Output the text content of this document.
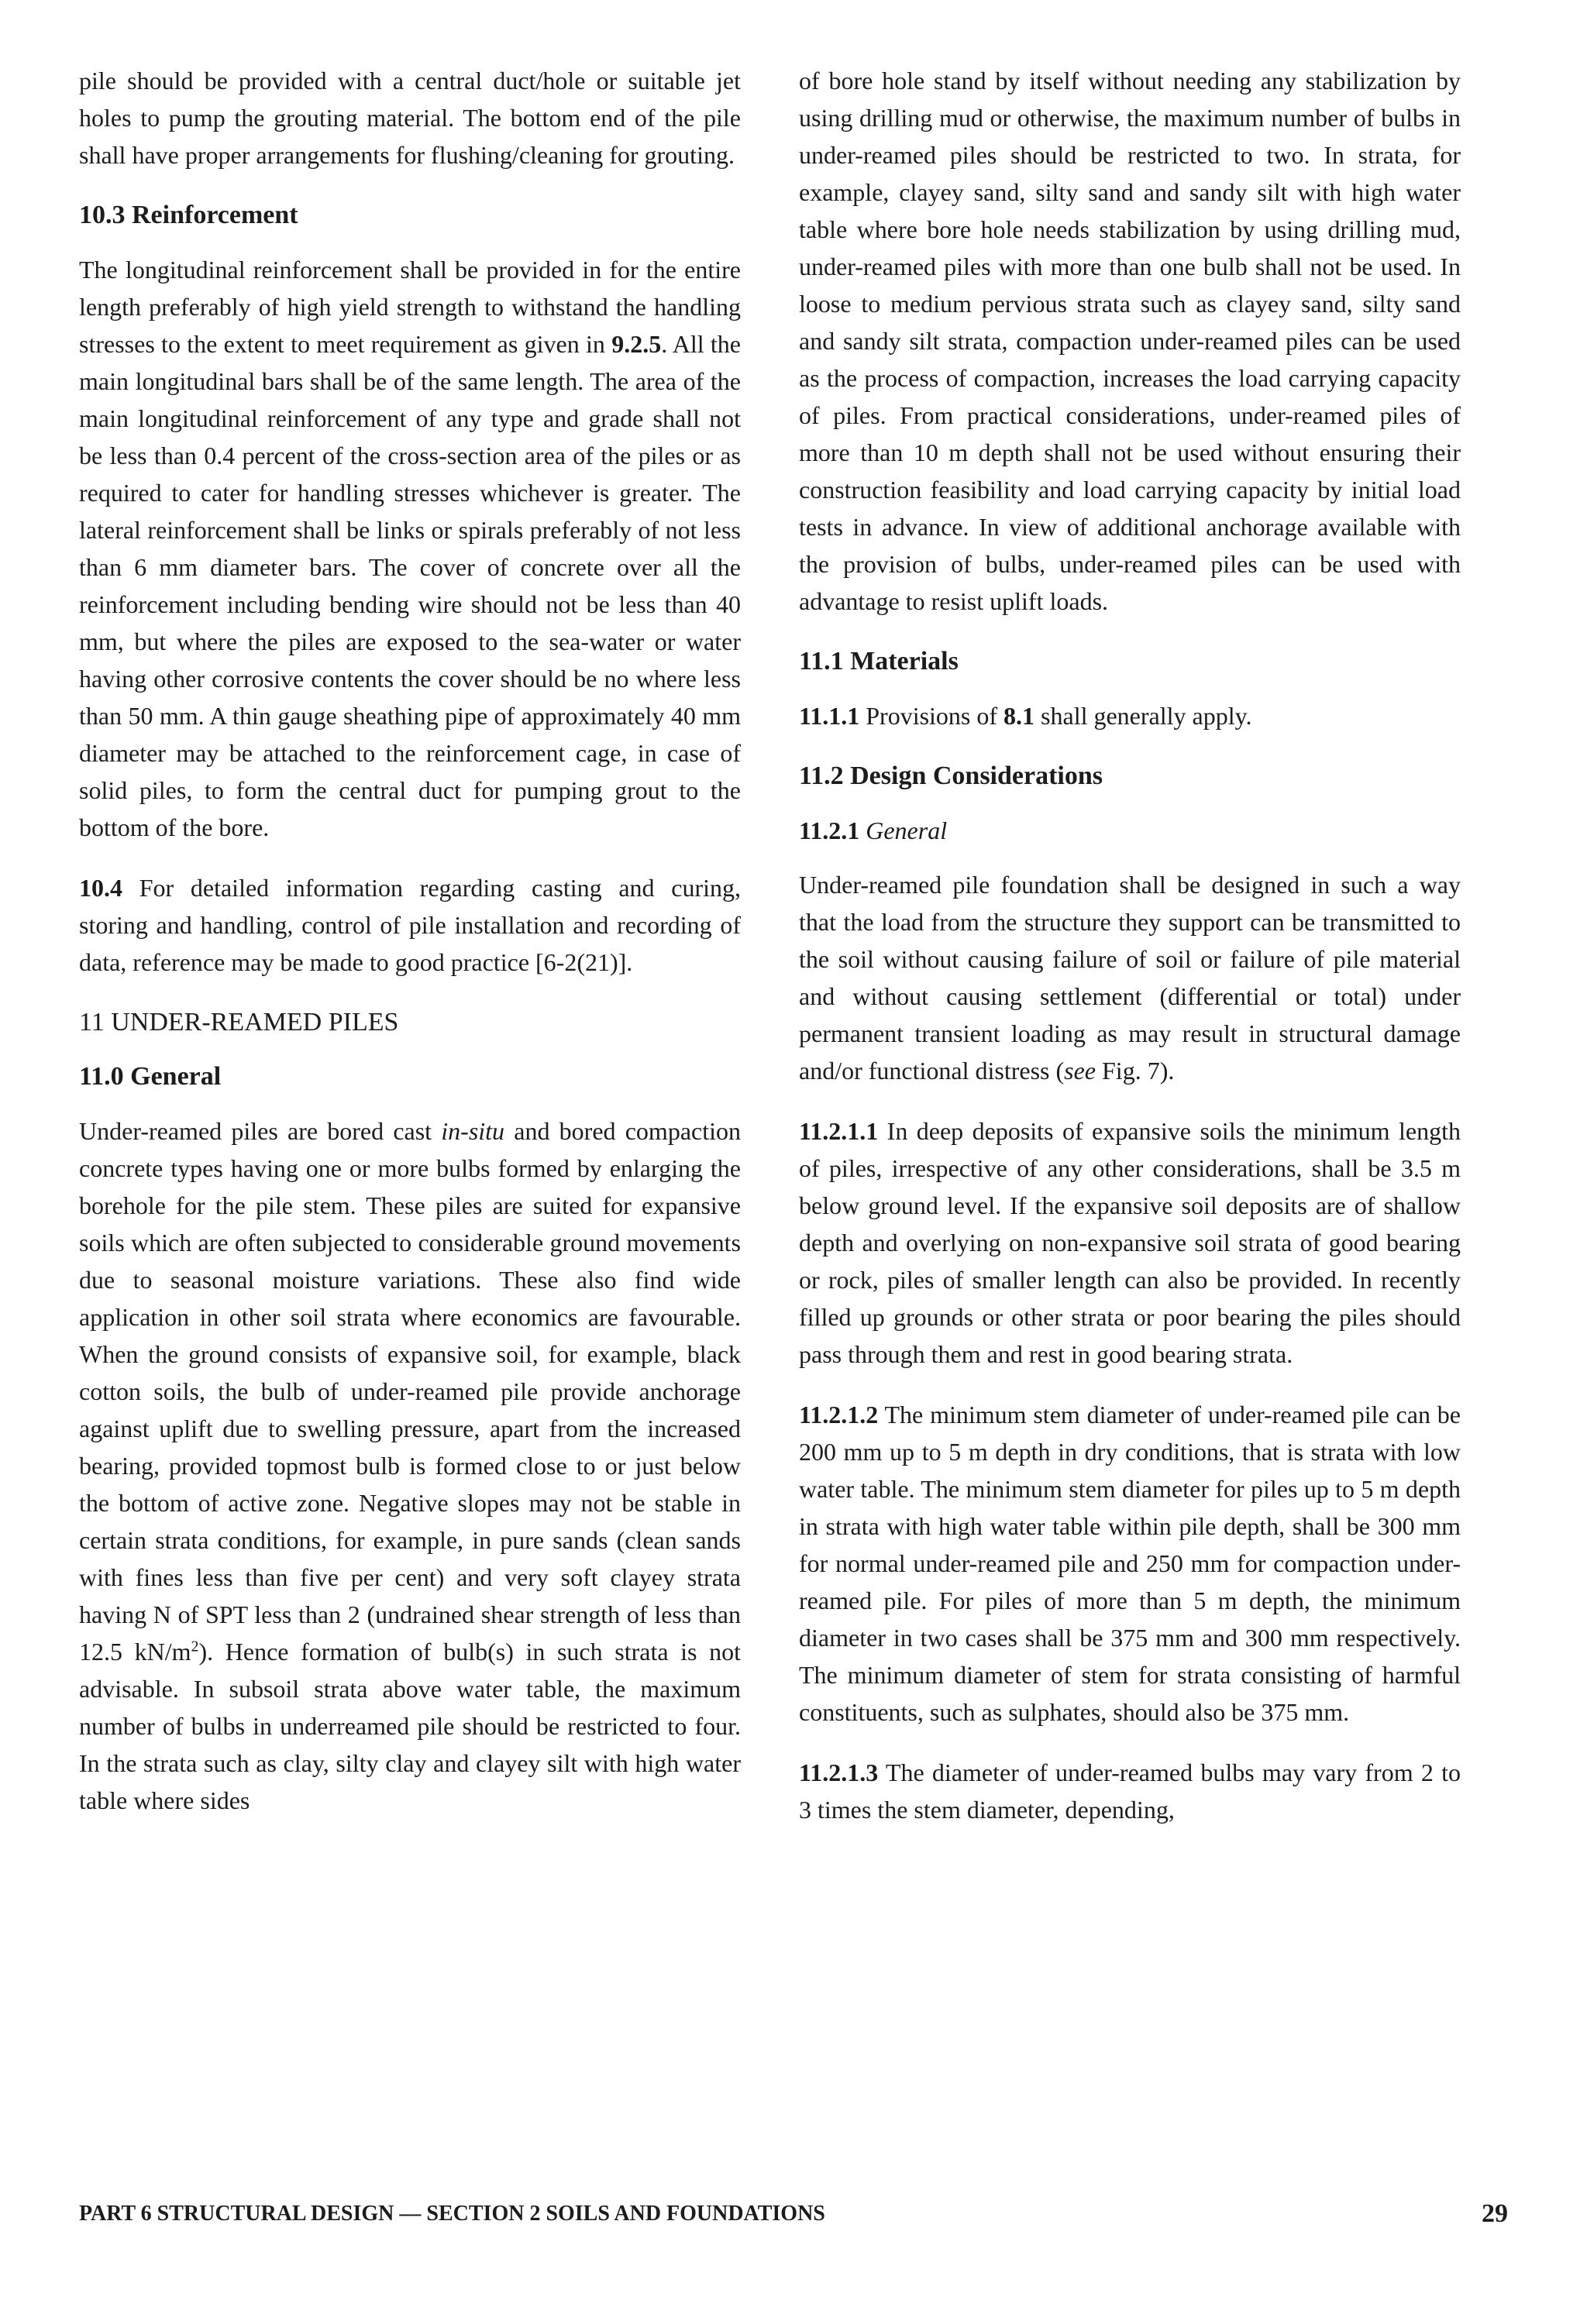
pile should be provided with a central duct/hole or suitable jet holes to pump the grouting material. The bottom end of the pile shall have proper arrangements for flushing/cleaning for grouting.

10.3 Reinforcement

The longitudinal reinforcement shall be provided in for the entire length preferably of high yield strength to withstand the handling stresses to the extent to meet requirement as given in 9.2.5. All the main longitudinal bars shall be of the same length. The area of the main longitudinal reinforcement of any type and grade shall not be less than 0.4 percent of the cross-section area of the piles or as required to cater for handling stresses whichever is greater. The lateral reinforcement shall be links or spirals preferably of not less than 6 mm diameter bars. The cover of concrete over all the reinforcement including bending wire should not be less than 40 mm, but where the piles are exposed to the sea-water or water having other corrosive contents the cover should be no where less than 50 mm. A thin gauge sheathing pipe of approximately 40 mm diameter may be attached to the reinforcement cage, in case of solid piles, to form the central duct for pumping grout to the bottom of the bore.

10.4 For detailed information regarding casting and curing, storing and handling, control of pile installation and recording of data, reference may be made to good practice [6-2(21)].

11 UNDER-REAMED PILES
11.0 General

Under-reamed piles are bored cast in-situ and bored compaction concrete types having one or more bulbs formed by enlarging the borehole for the pile stem. These piles are suited for expansive soils which are often subjected to considerable ground movements due to seasonal moisture variations. These also find wide application in other soil strata where economics are favourable. When the ground consists of expansive soil, for example, black cotton soils, the bulb of under-reamed pile provide anchorage against uplift due to swelling pressure, apart from the increased bearing, provided topmost bulb is formed close to or just below the bottom of active zone. Negative slopes may not be stable in certain strata conditions, for example, in pure sands (clean sands with fines less than five per cent) and very soft clayey strata having N of SPT less than 2 (undrained shear strength of less than 12.5 $kN/m^2$). Hence formation of bulb(s) in such strata is not advisable. In subsoil strata above water table, the maximum number of bulbs in underreamed pile should be restricted to four. In the strata such as clay, silty clay and clayey silt with high water table where sides

of bore hole stand by itself without needing any stabilization by using drilling mud or otherwise, the maximum number of bulbs in under-reamed piles should be restricted to two. In strata, for example, clayey sand, silty sand and sandy silt with high water table where bore hole needs stabilization by using drilling mud, under-reamed piles with more than one bulb shall not be used. In loose to medium pervious strata such as clayey sand, silty sand and sandy silt strata, compaction under-reamed piles can be used as the process of compaction, increases the load carrying capacity of piles. From practical considerations, under-reamed piles of more than 10 m depth shall not be used without ensuring their construction feasibility and load carrying capacity by initial load tests in advance. In view of additional anchorage available with the provision of bulbs, under-reamed piles can be used with advantage to resist uplift loads.

11.1 Materials

11.1.1 Provisions of 8.1 shall generally apply.

11.2 Design Considerations
11.2.1 General

Under-reamed pile foundation shall be designed in such a way that the load from the structure they support can be transmitted to the soil without causing failure of soil or failure of pile material and without causing settlement (differential or total) under permanent transient loading as may result in structural damage and/or functional distress (see Fig. 7).

11.2.1.1 In deep deposits of expansive soils the minimum length of piles, irrespective of any other considerations, shall be 3.5 m below ground level. If the expansive soil deposits are of shallow depth and overlying on non-expansive soil strata of good bearing or rock, piles of smaller length can also be provided. In recently filled up grounds or other strata or poor bearing the piles should pass through them and rest in good bearing strata.

11.2.1.2 The minimum stem diameter of under-reamed pile can be 200 mm up to 5 m depth in dry conditions, that is strata with low water table. The minimum stem diameter for piles up to 5 m depth in strata with high water table within pile depth, shall be 300 mm for normal under-reamed pile and 250 mm for compaction under-reamed pile. For piles of more than 5 m depth, the minimum diameter in two cases shall be 375 mm and 300 mm respectively. The minimum diameter of stem for strata consisting of harmful constituents, such as sulphates, should also be 375 mm.

11.2.1.3 The diameter of under-reamed bulbs may vary from 2 to 3 times the stem diameter, depending,

PART 6 STRUCTURAL DESIGN — SECTION 2 SOILS AND FOUNDATIONS	29
